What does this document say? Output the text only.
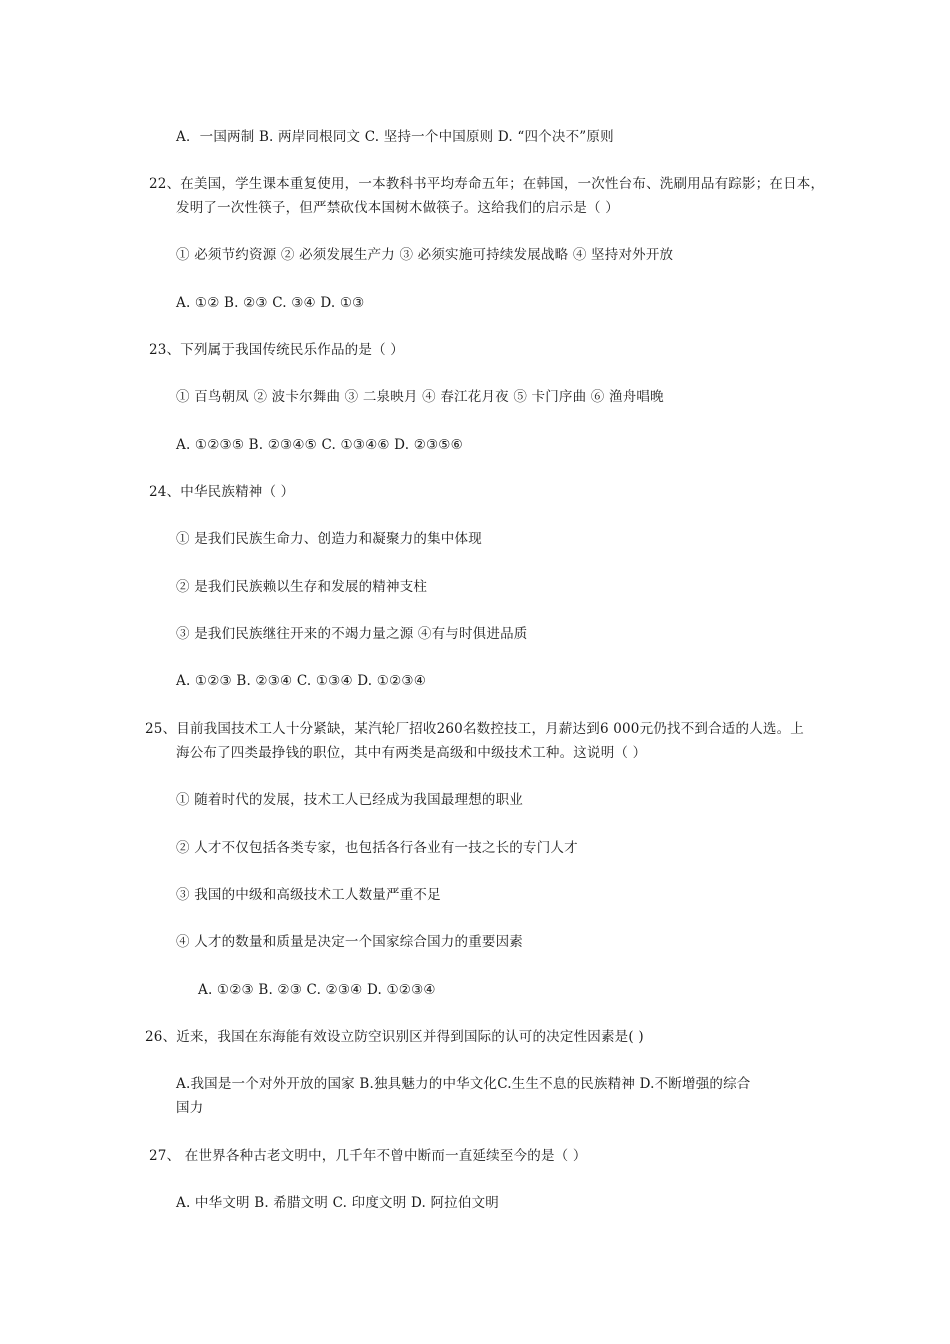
A．一国两制 B. 两岸同根同文 C. 坚持一个中国原则 D. “四个决不”原则
22、在美国，学生课本重复使用，一本教科书平均寿命五年；在韩国，一次性台布、洗刷用品有踪影；在日本，
发明了一次性筷子，但严禁砍伐本国树木做筷子。这给我们的启示是（ ）
① 必须节约资源 ② 必须发展生产力 ③ 必须实施可持续发展战略 ④ 坚持对外开放
A. ①② B. ②③ C. ③④ D. ①③
23、下列属于我国传统民乐作品的是（ ）
① 百鸟朝凤 ② 波卡尔舞曲 ③ 二泉映月 ④ 春江花月夜 ⑤ 卡门序曲 ⑥ 渔舟唱晚
A. ①②③⑤ B. ②③④⑤ C. ①③④⑥ D. ②③⑤⑥
24、中华民族精神（ ）
① 是我们民族生命力、创造力和凝聚力的集中体现
② 是我们民族赖以生存和发展的精神支柱
③ 是我们民族继往开来的不竭力量之源 ④有与时俱进品质
A. ①②③ B. ②③④ C. ①③④ D. ①②③④
25、目前我国技术工人十分紧缺，某汽轮厂招收260名数控技工，月薪达到6 000元仍找不到合适的人选。上
海公布了四类最挣钱的职位，其中有两类是高级和中级技术工种。这说明（ ）
① 随着时代的发展，技术工人已经成为我国最理想的职业
② 人才不仅包括各类专家，也包括各行各业有一技之长的专门人才
③ 我国的中级和高级技术工人数量严重不足
④ 人才的数量和质量是决定一个国家综合国力的重要因素
A. ①②③ B. ②③ C. ②③④ D. ①②③④
26、近来，我国在东海能有效设立防空识别区并得到国际的认可的决定性因素是( )
A.我国是一个对外开放的国家 B.独具魅力的中华文化C.生生不息的民族精神 D.不断增强的综合
国力
27、 在世界各种古老文明中，几千年不曾中断而一直延续至今的是（ ）
A. 中华文明 B. 希腊文明 C. 印度文明 D. 阿拉伯文明
